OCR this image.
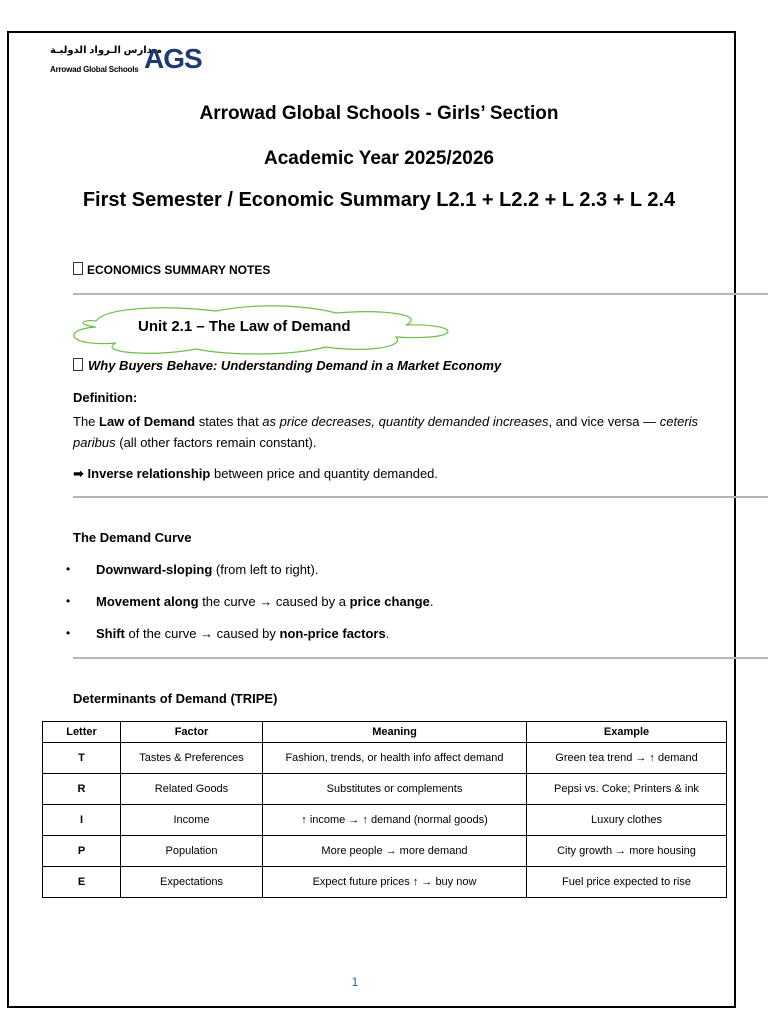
مـدارس الـرواد الدوليـة
Arrowad Global Schools AGS
Arrowad Global Schools - Girls’ Section
Academic Year 2025/2026
First Semester / Economic Summary L2.1 + L2.2 + L 2.3 + L 2.4
ECONOMICS SUMMARY NOTES
Unit 2.1 – The Law of Demand
Why Buyers Behave: Understanding Demand in a Market Economy
Definition:
The Law of Demand states that as price decreases, quantity demanded increases, and vice versa — ceteris paribus (all other factors remain constant).
➡ Inverse relationship between price and quantity demanded.
The Demand Curve
• Downward-sloping (from left to right).
• Movement along the curve → caused by a price change.
• Shift of the curve → caused by non-price factors.
Determinants of Demand (TRIPE)
Letter	Factor	Meaning	Example
T	Tastes & Preferences	Fashion, trends, or health info affect demand	Green tea trend → ↑ demand
R	Related Goods	Substitutes or complements	Pepsi vs. Coke; Printers & ink
I	Income	↑ income → ↑ demand (normal goods)	Luxury clothes
P	Population	More people → more demand	City growth → more housing
E	Expectations	Expect future prices ↑ → buy now	Fuel price expected to rise
1
